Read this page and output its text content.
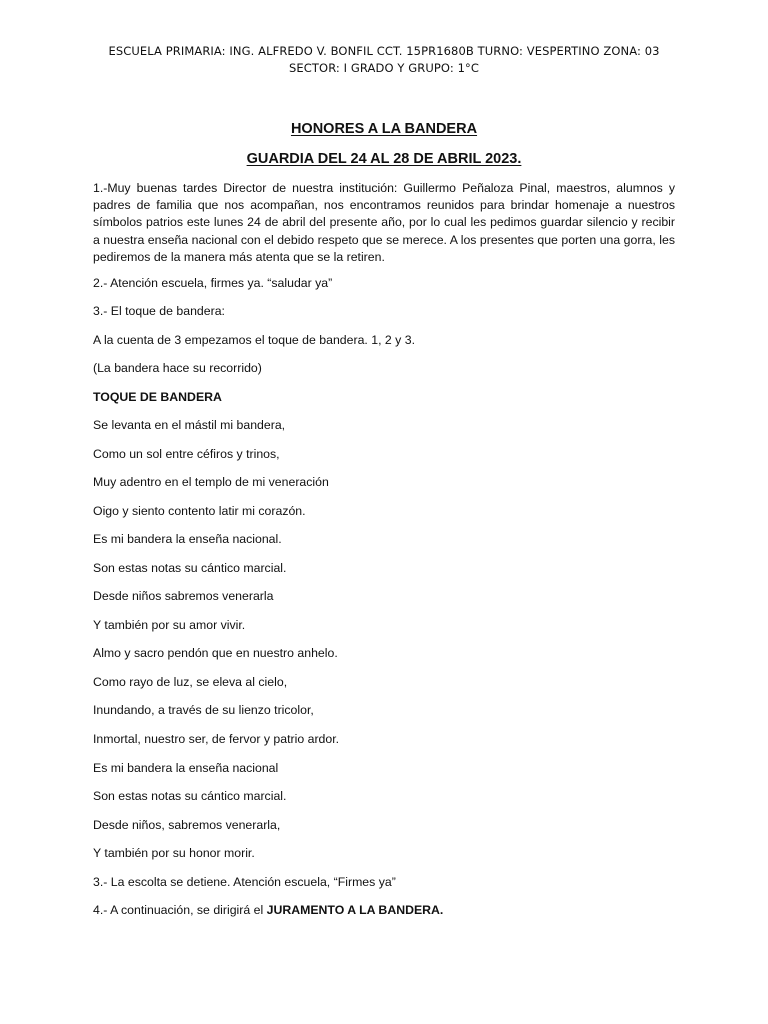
ESCUELA PRIMARIA: ING. ALFREDO V. BONFIL CCT. 15PR1680B TURNO: VESPERTINO ZONA: 03
SECTOR: I GRADO Y GRUPO: 1°C
HONORES A LA BANDERA
GUARDIA DEL 24 AL 28 DE ABRIL 2023.
1.-Muy buenas tardes Director de nuestra institución: Guillermo Peñaloza Pinal, maestros, alumnos y padres de familia que nos acompañan, nos encontramos reunidos para brindar homenaje a nuestros símbolos patrios este lunes 24 de abril del presente año, por lo cual les pedimos guardar silencio y recibir a nuestra enseña nacional con el debido respeto que se merece. A los presentes que porten una gorra, les pediremos de la manera más atenta que se la retiren.
2.- Atención escuela, firmes ya. “saludar ya”
3.- El toque de bandera:
A la cuenta de 3 empezamos el toque de bandera. 1, 2 y 3.
(La bandera hace su recorrido)
TOQUE DE BANDERA
Se levanta en el mástil mi bandera,
Como un sol entre céfiros y trinos,
Muy adentro en el templo de mi veneración
Oigo y siento contento latir mi corazón.
Es mi bandera la enseña nacional.
Son estas notas su cántico marcial.
Desde niños sabremos venerarla
Y también por su amor vivir.
Almo y sacro pendón que en nuestro anhelo.
Como rayo de luz, se eleva al cielo,
Inundando, a través de su lienzo tricolor,
Inmortal, nuestro ser, de fervor y patrio ardor.
Es mi bandera la enseña nacional
Son estas notas su cántico marcial.
Desde niños, sabremos venerarla,
Y también por su honor morir.
3.- La escolta se detiene. Atención escuela, “Firmes ya”
4.- A continuación, se dirigirá el JURAMENTO A LA BANDERA.
